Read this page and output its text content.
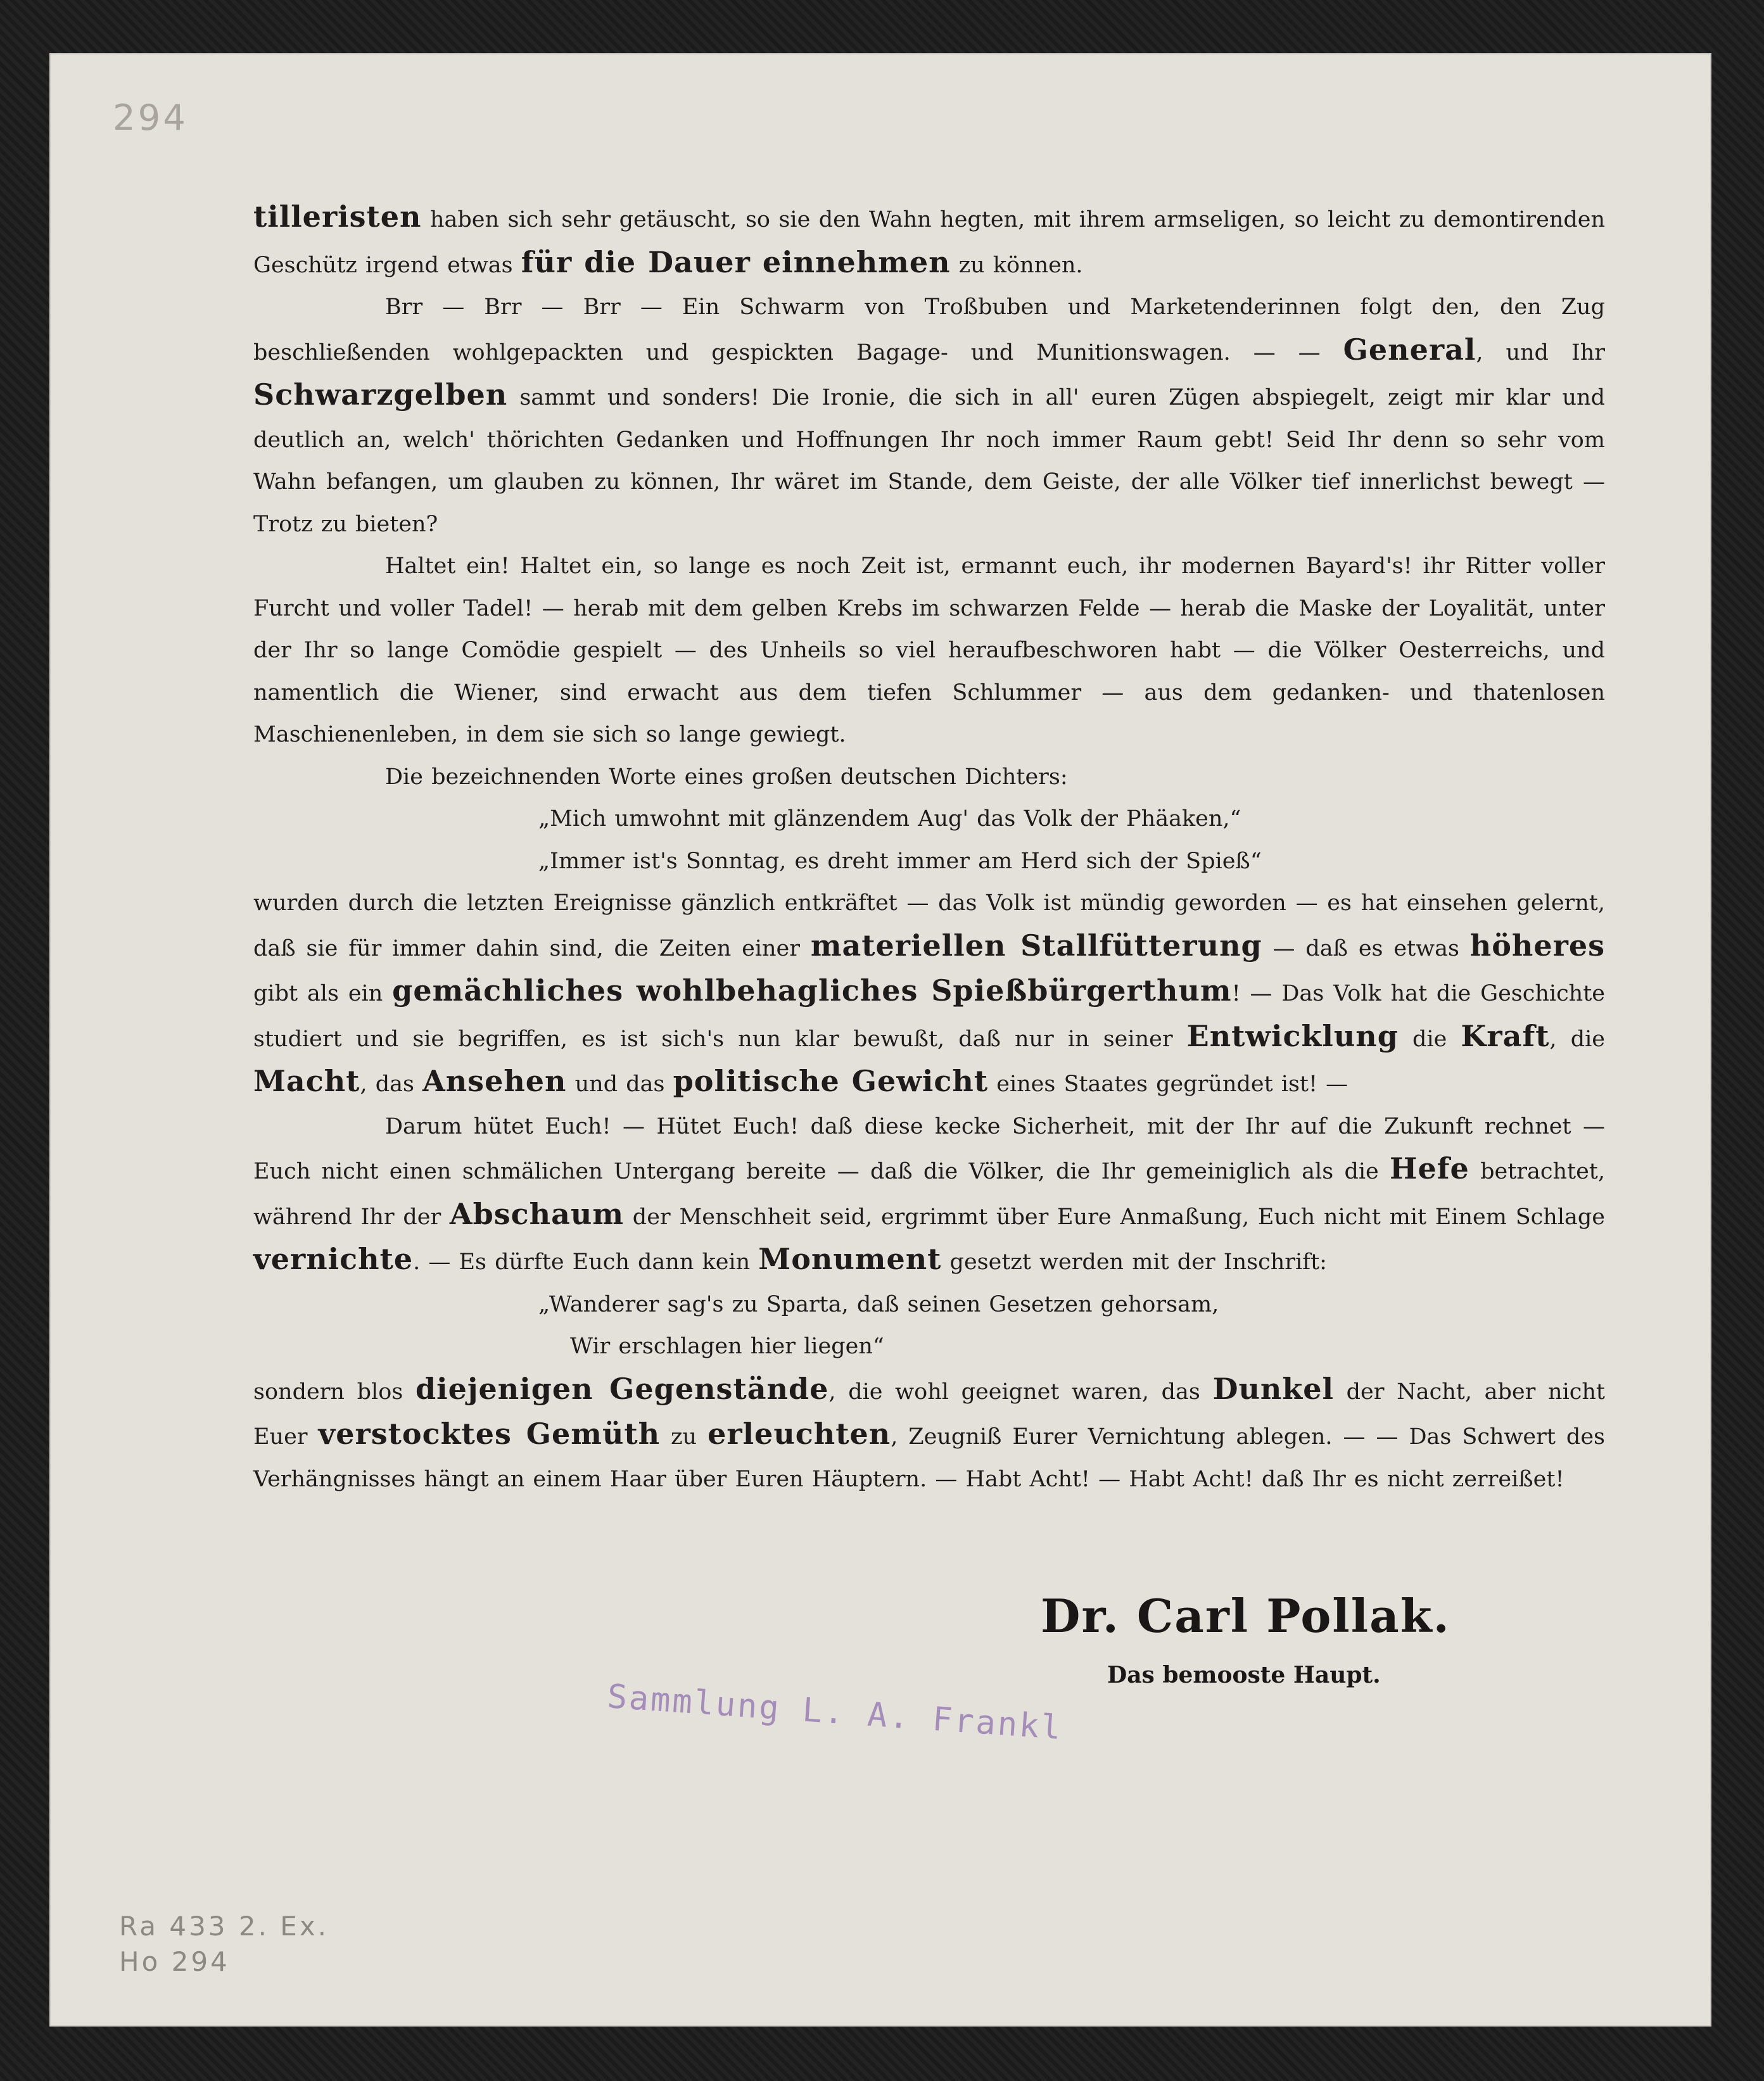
294

tilleristen haben sich sehr getäuscht, so sie den Wahn hegten, mit ihrem armseligen, so leicht zu demontirenden Geschütz irgend etwas für die Dauer einnehmen zu können.

Brr — Brr — Brr — Ein Schwarm von Troßbuben und Marketenderinnen folgt den, den Zug beschließenden wohlgepackten und gespickten Bagage- und Munitionswagen. — — General, und Ihr Schwarzgelben sammt und sonders! Die Ironie, die sich in all' euren Zügen abspiegelt, zeigt mir klar und deutlich an, welch' thörichten Gedanken und Hoffnungen Ihr noch immer Raum gebt! Seid Ihr denn so sehr vom Wahn befangen, um glauben zu können, Ihr wäret im Stande, dem Geiste, der alle Völker tief innerlichst bewegt — Trotz zu bieten?

Haltet ein! Haltet ein, so lange es noch Zeit ist, ermannt euch, ihr modernen Bayard's! ihr Ritter voller Furcht und voller Tadel! — herab mit dem gelben Krebs im schwarzen Felde — herab die Maske der Loyalität, unter der Ihr so lange Comödie gespielt — des Unheils so viel heraufbeschworen habt — die Völker Oesterreichs, und namentlich die Wiener, sind erwacht aus dem tiefen Schlummer — aus dem gedanken- und thatenlosen Maschienenleben, in dem sie sich so lange gewiegt.

Die bezeichnenden Worte eines großen deutschen Dichters:

„Mich umwohnt mit glänzendem Aug' das Volk der Phäaken,“

„Immer ist's Sonntag, es dreht immer am Herd sich der Spieß“

wurden durch die letzten Ereignisse gänzlich entkräftet — das Volk ist mündig geworden — es hat einsehen gelernt, daß sie für immer dahin sind, die Zeiten einer materiellen Stallfütterung — daß es etwas höheres gibt als ein gemächliches wohlbehagliches Spießbürgerthum! — Das Volk hat die Geschichte studiert und sie begriffen, es ist sich's nun klar bewußt, daß nur in seiner Entwicklung die Kraft, die Macht, das Ansehen und das politische Gewicht eines Staates gegründet ist! —

Darum hütet Euch! — Hütet Euch! daß diese kecke Sicherheit, mit der Ihr auf die Zukunft rechnet — Euch nicht einen schmälichen Untergang bereite — daß die Völker, die Ihr gemeiniglich als die Hefe betrachtet, während Ihr der Abschaum der Menschheit seid, ergrimmt über Eure Anmaßung, Euch nicht mit Einem Schlage vernichte. — Es dürfte Euch dann kein Monument gesetzt werden mit der Inschrift:

„Wanderer sag's zu Sparta, daß seinen Gesetzen gehorsam,

Wir erschlagen hier liegen“

sondern blos diejenigen Gegenstände, die wohl geeignet waren, das Dunkel der Nacht, aber nicht Euer verstocktes Gemüth zu erleuchten, Zeugniß Eurer Vernichtung ablegen. — — Das Schwert des Verhängnisses hängt an einem Haar über Euren Häuptern. — Habt Acht! — Habt Acht! daß Ihr es nicht zerreißet!

Dr. Carl Pollak.
Das bemooste Haupt.
Sammlung L. A. Frankl
Ra 433 2. Ex.
Ho 294
